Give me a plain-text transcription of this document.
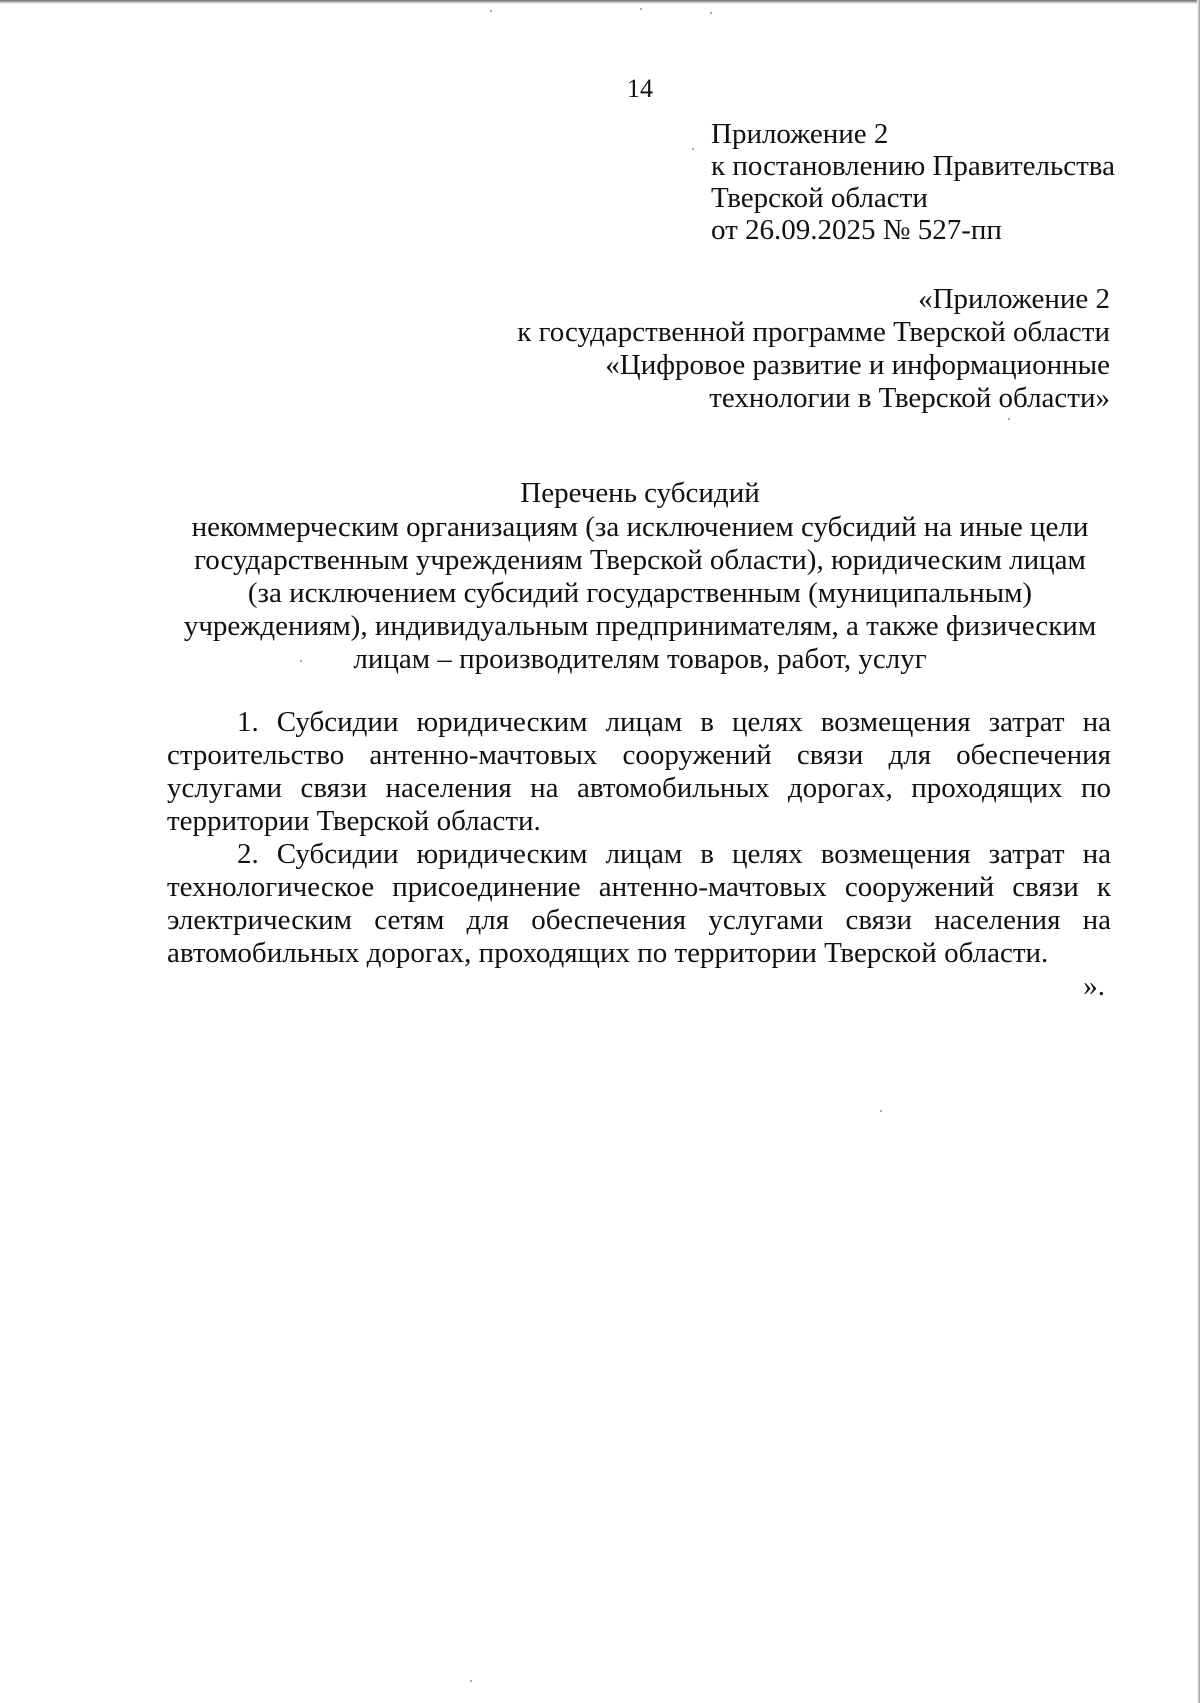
14
Приложение 2
к постановлению Правительства
Тверской области
от 26.09.2025 № 527-пп
«Приложение 2
к государственной программе Тверской области
«Цифровое развитие и информационные
технологии в Тверской области»
Перечень субсидий
некоммерческим организациям (за исключением субсидий на иные цели
государственным учреждениям Тверской области), юридическим лицам
(за исключением субсидий государственным (муниципальным)
учреждениям), индивидуальным предпринимателям, а также физическим
лицам – производителям товаров, работ, услуг

1. Субсидии юридическим лицам в целях возмещения затрат на строительство антенно-мачтовых сооружений связи для обеспечения услугами связи населения на автомобильных дорогах, проходящих по территории Тверской области.

2. Субсидии юридическим лицам в целях возмещения затрат на технологическое присоединение антенно-мачтовых сооружений связи к электрическим сетям для обеспечения услугами связи населения на автомобильных дорогах, проходящих по территории Тверской области.

».
